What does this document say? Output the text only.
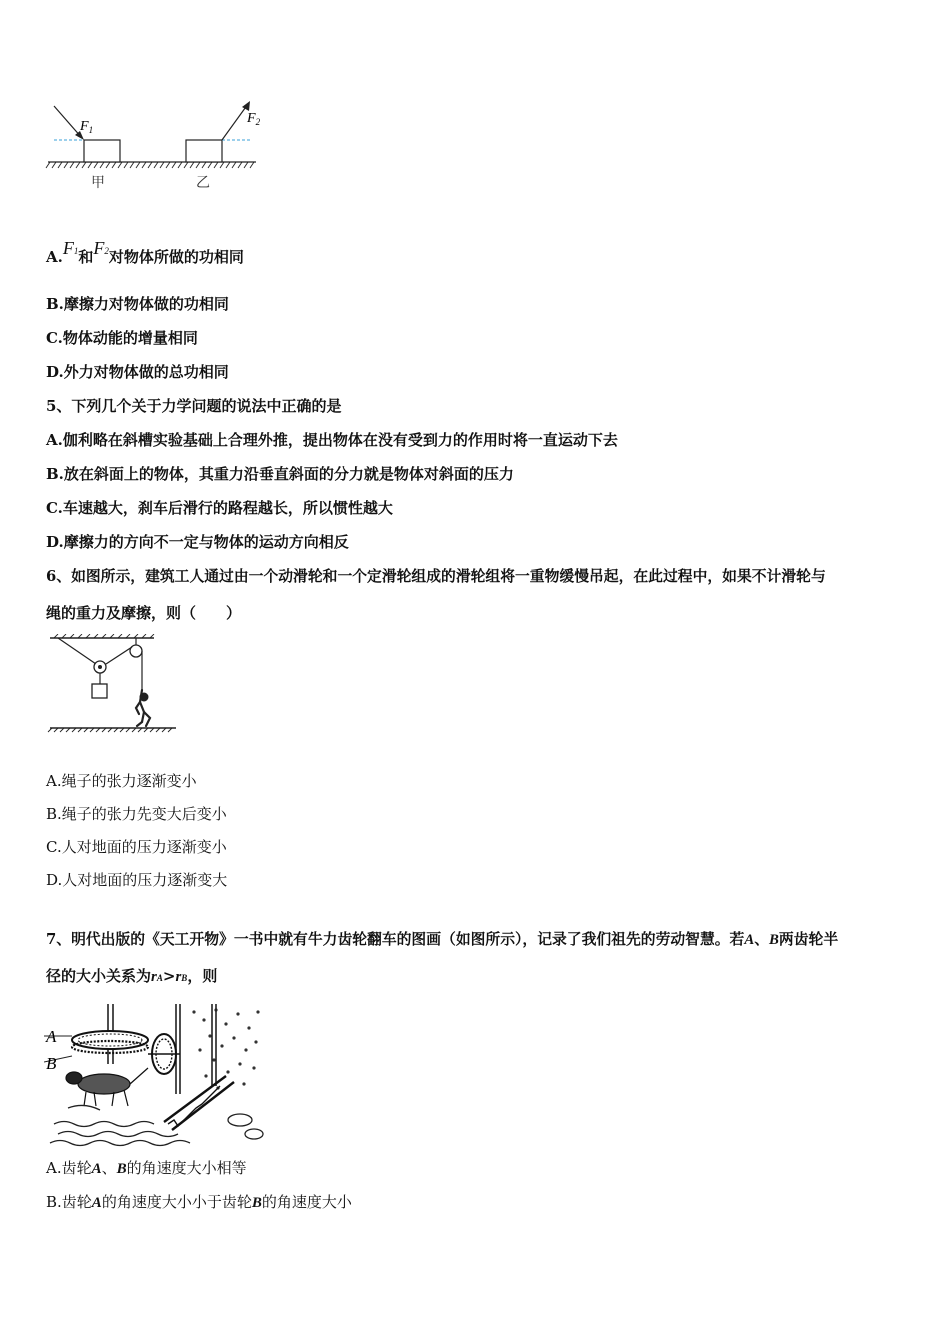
$F_1$
$F_2$
甲	乙
A.F1和F2对物体所做的功相同
B.摩擦力对物体做的功相同
C.物体动能的增量相同
D.外力对物体做的总功相同
5、下列几个关于力学问题的说法中正确的是
A.伽利略在斜槽实验基础上合理外推，提出物体在没有受到力的作用时将一直运动下去
B.放在斜面上的物体，其重力沿垂直斜面的分力就是物体对斜面的压力
C.车速越大，刹车后滑行的路程越长，所以惯性越大
D.摩擦力的方向不一定与物体的运动方向相反
6、如图所示，建筑工人通过由一个动滑轮和一个定滑轮组成的滑轮组将一重物缓慢吊起，在此过程中，如果不计滑轮与
绳的重力及摩擦，则（　　）
A.绳子的张力逐渐变小
B.绳子的张力先变大后变小
C.人对地面的压力逐渐变小
D.人对地面的压力逐渐变大
7、明代出版的《天工开物》一书中就有牛力齿轮翻车的图画（如图所示），记录了我们祖先的劳动智慧。若A、B两齿轮半
径的大小关系为rA>rB，则
A
B
A.齿轮A、B的角速度大小相等
B.齿轮A的角速度大小小于齿轮B的角速度大小
